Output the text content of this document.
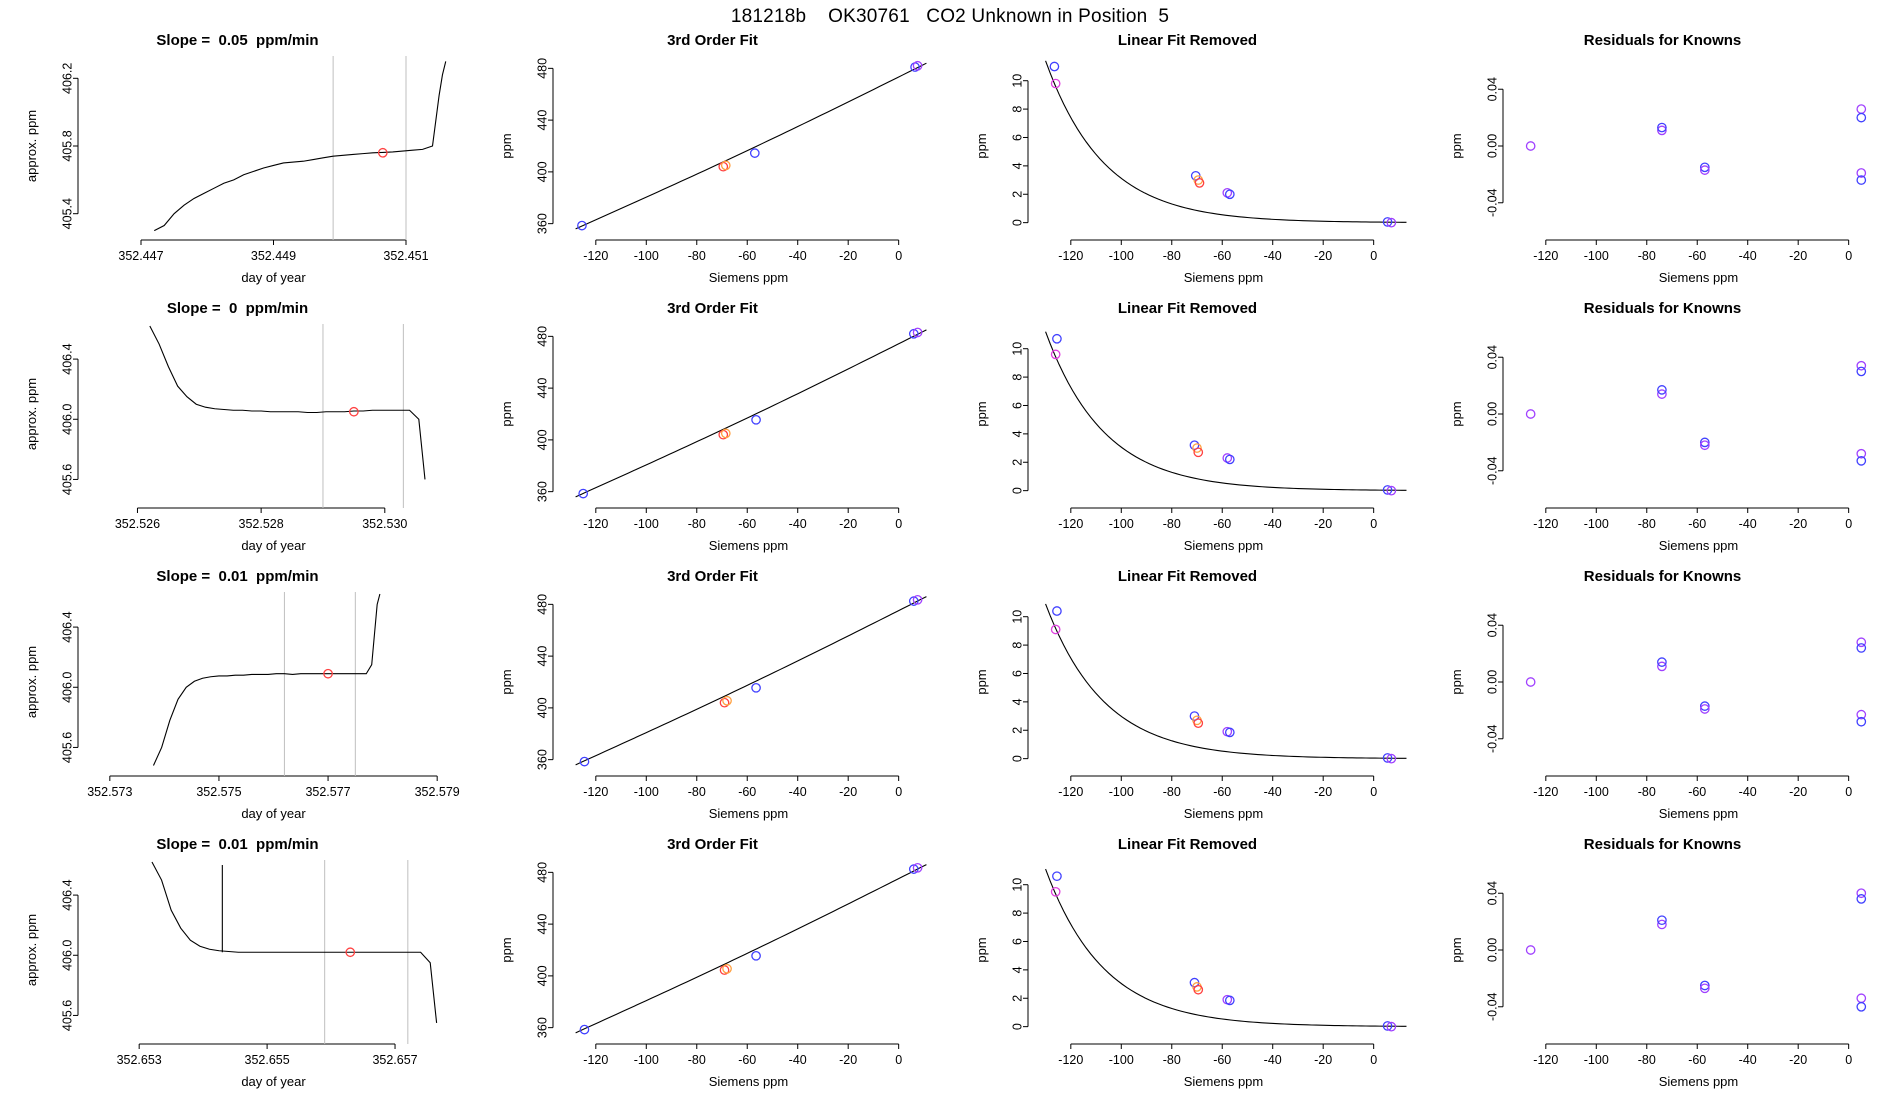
181218b    OK30761   CO2 Unknown in Position  5
Slope =  0.05  ppm/min
352.447	352.449	352.451
405.4
405.8
406.2
day of year
approx. ppm
3rd Order Fit
-120 -100 -80	-60	-40	-20	0
360
400
440
480
Siemens ppm
ppm
Linear Fit Removed
-120 -100 -80	-60	-40	-20	0
0
2
4
6
8
10
Siemens ppm
ppm
Residuals for Knowns
-120 -100 -80	-60	-40	-20	0
-0.04
0.00
0.04
Siemens ppm
ppm
Slope =  0  ppm/min
352.526	352.528	352.530
405.6
406.0
406.4
day of year
approx. ppm
3rd Order Fit
-120 -100 -80	-60	-40	-20	0
360
400
440
480
Siemens ppm
ppm
Linear Fit Removed
-120 -100 -80	-60	-40	-20	0
0
2
4
6
8
10
Siemens ppm
ppm
Residuals for Knowns
-120 -100 -80	-60	-40	-20	0
-0.04
0.00
0.04
Siemens ppm
ppm
Slope =  0.01  ppm/min
352.573	352.575	352.577	352.579
405.6
406.0
406.4
day of year
approx. ppm
3rd Order Fit
-120 -100 -80	-60	-40	-20	0
360
400
440
480
Siemens ppm
ppm
Linear Fit Removed
-120 -100 -80	-60	-40	-20	0
0
2
4
6
8
10
Siemens ppm
ppm
Residuals for Knowns
-120 -100 -80	-60	-40	-20	0
-0.04
0.00
0.04
Siemens ppm
ppm
Slope =  0.01  ppm/min
352.653	352.655	352.657
405.6
406.0
406.4
day of year
approx. ppm
3rd Order Fit
-120 -100 -80	-60	-40	-20	0
360
400
440
480
Siemens ppm
ppm
Linear Fit Removed
-120 -100 -80	-60	-40	-20	0
0
2
4
6
8
10
Siemens ppm
ppm
Residuals for Knowns
-120 -100 -80	-60	-40	-20	0
-0.04
0.00
0.04
Siemens ppm
ppm
